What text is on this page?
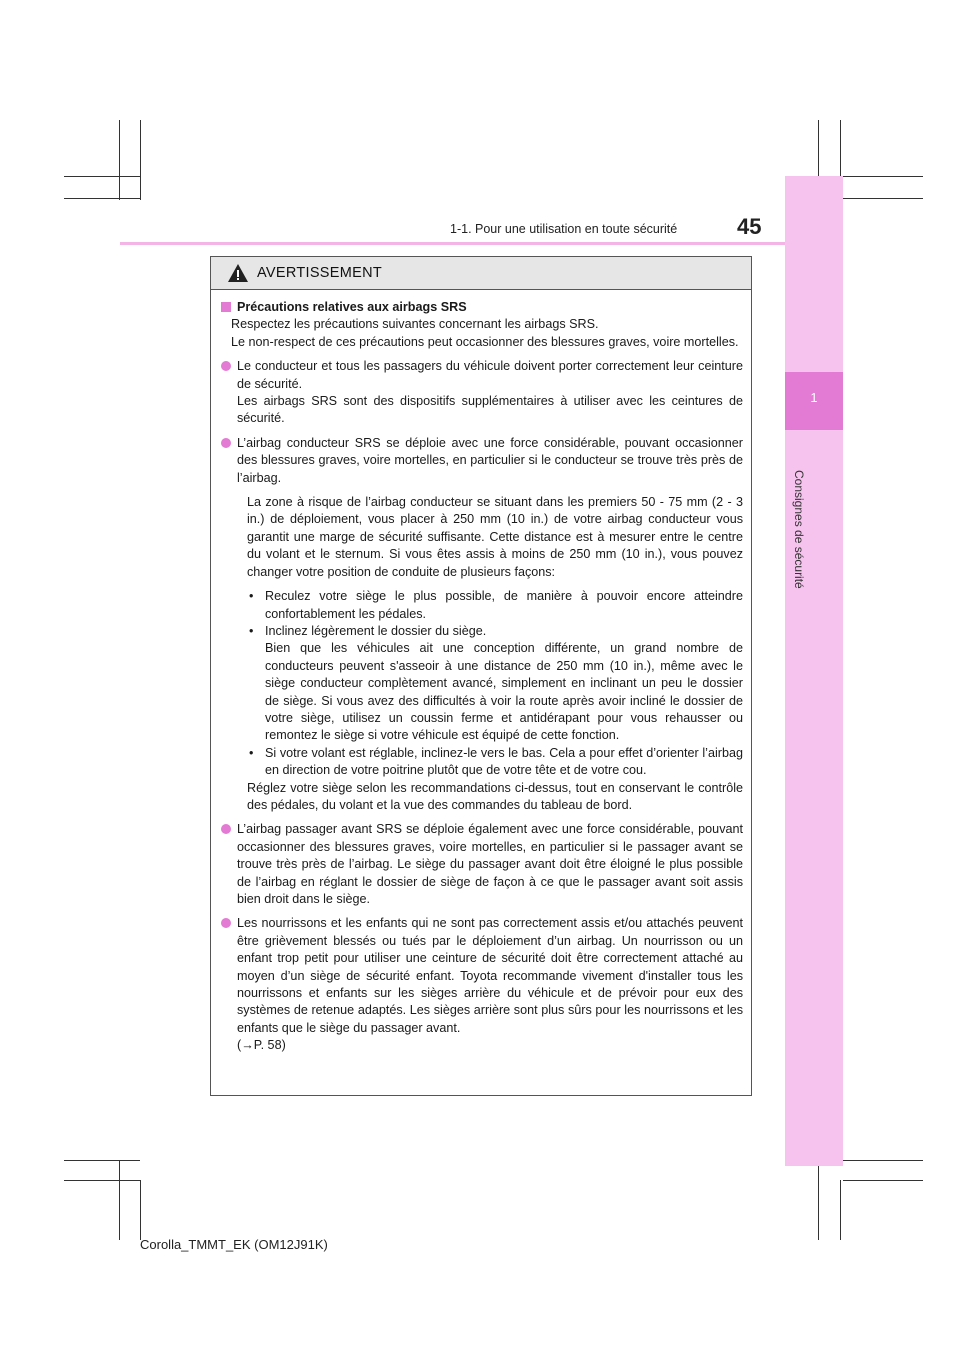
1-1. Pour une utilisation en toute sécurité	45
1
Consignes de sécurité
AVERTISSEMENT
Précautions relatives aux airbags SRS

Respectez les précautions suivantes concernant les airbags SRS.

Le non-respect de ces précautions peut occasionner des blessures graves, voire mortelles.

Le conducteur et tous les passagers du véhicule doivent porter correctement leur ceinture de sécurité.

Les airbags SRS sont des dispositifs supplémentaires à utiliser avec les ceintures de sécurité.

L’airbag conducteur SRS se déploie avec une force considérable, pouvant occasionner des blessures graves, voire mortelles, en particulier si le conducteur se trouve très près de l’airbag.

La zone à risque de l’airbag conducteur se situant dans les premiers 50 - 75 mm (2 - 3 in.) de déploiement, vous placer à 250 mm (10 in.) de votre airbag conducteur vous garantit une marge de sécurité suffisante. Cette distance est à mesurer entre le centre du volant et le sternum. Si vous êtes assis à moins de 250 mm (10 in.), vous pouvez changer votre position de conduite de plusieurs façons:

• Reculez votre siège le plus possible, de manière à pouvoir encore atteindre confortablement les pédales.
• Inclinez légèrement le dossier du siège.
Bien que les véhicules ait une conception différente, un grand nombre de conducteurs peuvent s'asseoir à une distance de 250 mm (10 in.), même avec le siège conducteur complètement avancé, simplement en inclinant un peu le dossier de siège. Si vous avez des difficultés à voir la route après avoir incliné le dossier de votre siège, utilisez un coussin ferme et antidérapant pour vous rehausser ou remontez le siège si votre véhicule est équipé de cette fonction.
• Si votre volant est réglable, inclinez-le vers le bas. Cela a pour effet d’orienter l’airbag en direction de votre poitrine plutôt que de votre tête et de votre cou.

Réglez votre siège selon les recommandations ci-dessus, tout en conservant le contrôle des pédales, du volant et la vue des commandes du tableau de bord.

L’airbag passager avant SRS se déploie également avec une force considérable, pouvant occasionner des blessures graves, voire mortelles, en particulier si le passager avant se trouve très près de l’airbag. Le siège du passager avant doit être éloigné le plus possible de l’airbag en réglant le dossier de siège de façon à ce que le passager avant soit assis bien droit dans le siège.

Les nourrissons et les enfants qui ne sont pas correctement assis et/ou attachés peuvent être grièvement blessés ou tués par le déploiement d’un airbag. Un nourrisson ou un enfant trop petit pour utiliser une ceinture de sécurité doit être correctement attaché au moyen d’un siège de sécurité enfant. Toyota recommande vivement d'installer tous les nourrissons et enfants sur les sièges arrière du véhicule et de prévoir pour eux des systèmes de retenue adaptés. Les sièges arrière sont plus sûrs pour les nourrissons et les enfants que le siège du passager avant.

(→P. 58)

Corolla_TMMT_EK (OM12J91K)
